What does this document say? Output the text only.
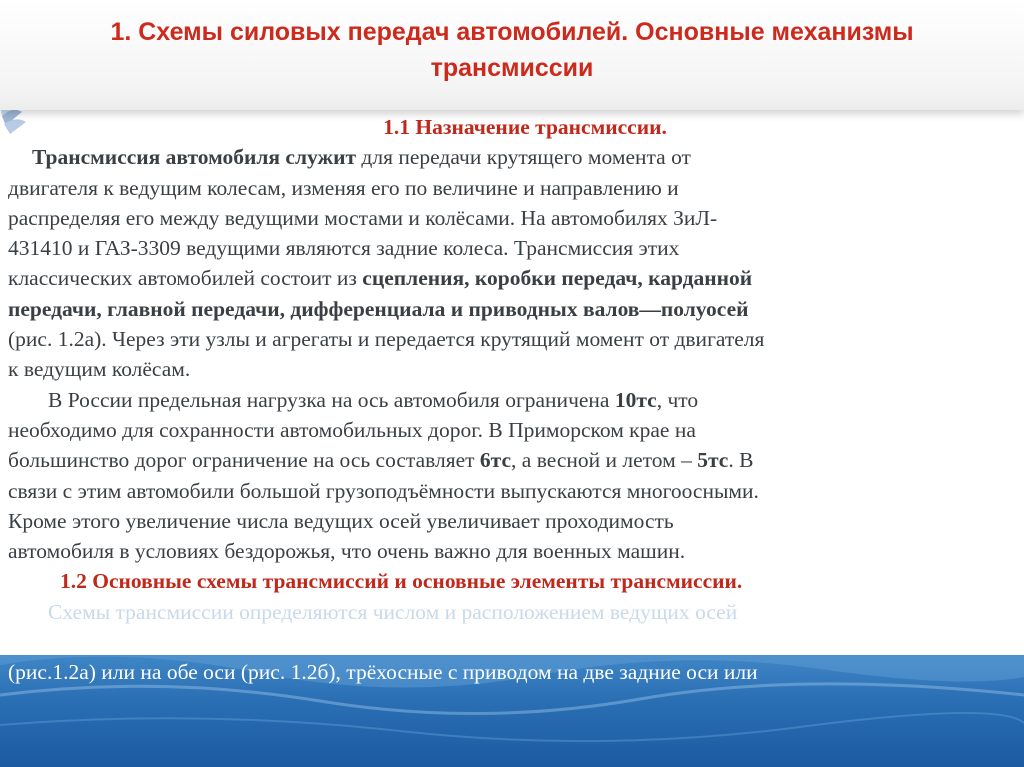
1. Схемы силовых передач автомобилей. Основные механизмы
трансмиссии
1.1 Назначение трансмиссии.
Трансмиссия автомобиля служит для передачи крутящего момента от
двигателя к ведущим колесам, изменяя его по величине и направлению и
распределяя его между ведущими мостами и колёсами. На автомобилях ЗиЛ-
431410 и ГАЗ-3309 ведущими являются задние колеса. Трансмиссия этих
классических автомобилей состоит из сцепления, коробки передач, карданной
передачи, главной передачи, дифференциала и приводных валов—полуосей
(рис. 1.2а). Через эти узлы и агрегаты и передается крутящий момент от двигателя
к ведущим колёсам.
В России предельная нагрузка на ось автомобиля ограничена 10тс, что
необходимо для сохранности автомобильных дорог. В Приморском крае на
большинство дорог ограничение на ось составляет 6тс, а весной и летом – 5тс. В
связи с этим автомобили большой грузоподъёмности выпускаются многоосными.
Кроме этого увеличение числа ведущих осей увеличивает проходимость
автомобиля в условиях бездорожья, что очень важно для военных машин.
1.2 Основные схемы трансмиссий и основные элементы трансмиссии.
Схемы трансмиссии определяются числом и расположением ведущих осей
(мостов) автомобиля и разделяются на двухосные с приводом на одну заднюю ось
(рис.1.2а) или на обе оси (рис. 1.2б), трёхосные с приводом на две задние оси или
